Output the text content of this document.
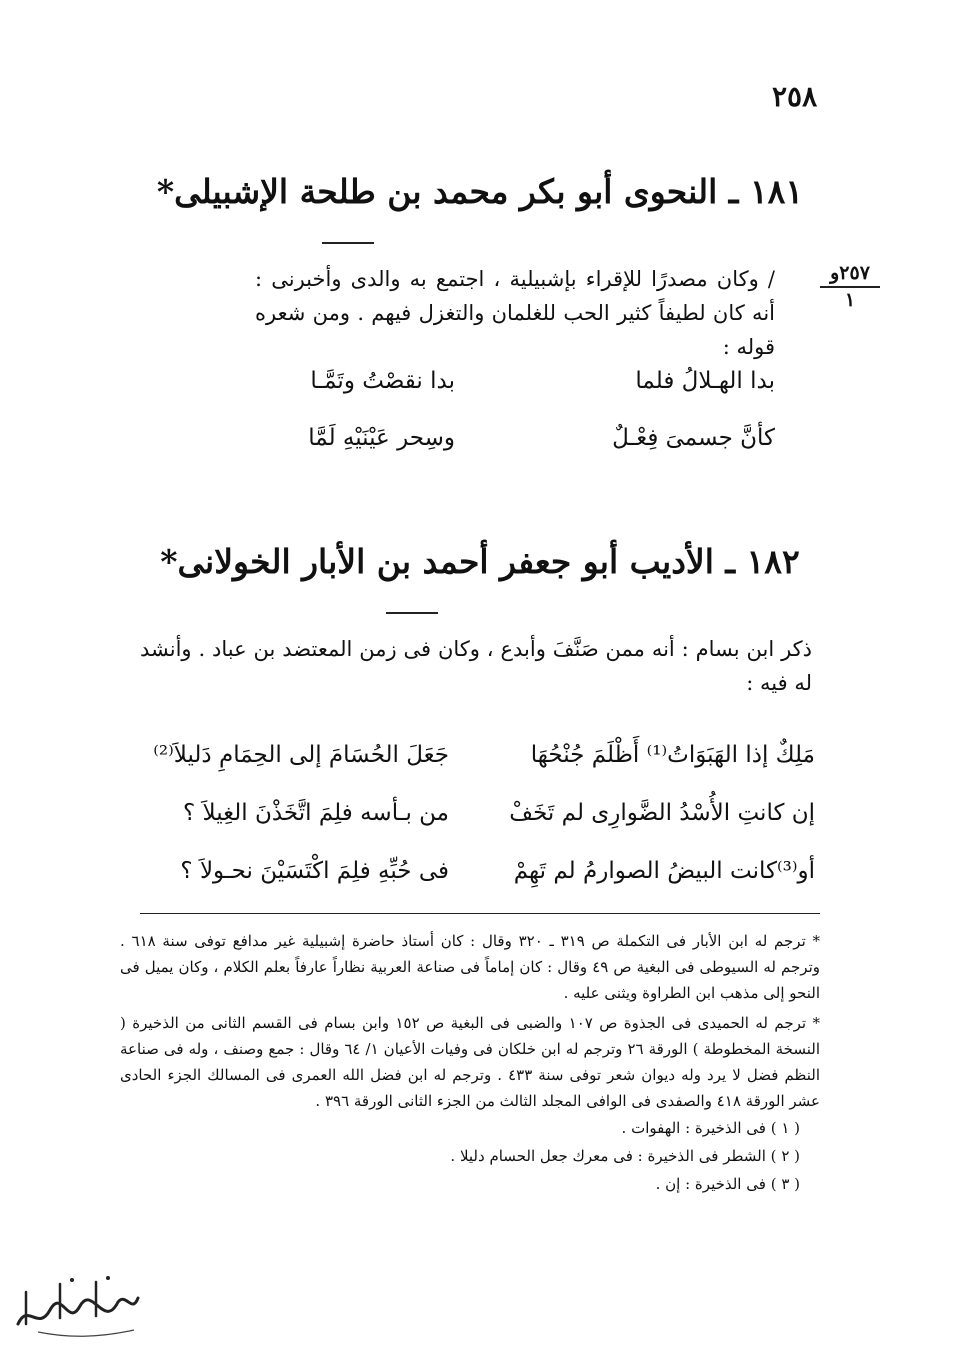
٢٥٨
١٨١ ـ النحوى أبو بكر محمد بن طلحة الإشبيلى*
٢٥٧و
١
/ وكان مصدرًا للإقراء بإشبيلية ، اجتمع به والدى وأخبرنى : أنه كان لطيفاً كثير الحب للغلمان والتغزل فيهم . ومن شعره قوله :
بدا الهـلالُ فلما
بدا نقصْتُ وتَمَّـا
كأنَّ جسمىَ فِعْـلٌ
وسِحر عَيْنَيْهِ لَمَّا
١٨٢ ـ الأديب أبو جعفر أحمد بن الأبار الخولانى*
ذكر ابن بسام : أنه ممن صَنَّفَ وأبدع ، وكان فى زمن المعتضد بن عباد . وأنشد له فيه :
مَلِكٌ إذا الهَبَوَاتُ⁽¹⁾ أَظْلَمَ جُنْحُهَا
جَعَلَ الحُسَامَ إلى الحِمَامِ دَليلاَ⁽²⁾
إن كانتِ الأُسْدُ الضَّوارِى لم تَخَفْ
من بـأسه فلِمَ اتَّخَذْنَ الغِيلاَ ؟
أو⁽³⁾كانت البيضُ الصوارمُ لم تَهِمْ
فى حُبِّهِ فلِمَ اكْتَسَيْنَ نحـولاَ ؟
* ترجم له ابن الأبار فى التكملة ص ٣١٩ ـ ٣٢٠ وقال : كان أستاذ حاضرة إشبيلية غير مدافع توفى سنة ٦١٨ . وترجم له السيوطى فى البغية ص ٤٩ وقال : كان إماماً فى صناعة العربية نظاراً عارفاً بعلم الكلام ، وكان يميل فى النحو إلى مذهب ابن الطراوة ويثنى عليه .
* ترجم له الحميدى فى الجذوة ص ١٠٧ والضبى فى البغية ص ١٥٢ وابن بسام فى القسم الثانى من الذخيرة ( النسخة المخطوطة ) الورقة ٢٦ وترجم له ابن خلكان فى وفيات الأعيان ١/ ٦٤ وقال : جمع وصنف ، وله فى صناعة النظم فضل لا يرد وله ديوان شعر توفى سنة ٤٣٣ . وترجم له ابن فضل الله العمرى فى المسالك الجزء الحادى عشر الورقة ٤١٨ والصفدى فى الوافى المجلد الثالث من الجزء الثانى الورقة ٣٩٦ .
( ١ ) فى الذخيرة : الهفوات .
( ٢ ) الشطر فى الذخيرة : فى معرك جعل الحسام دليلا .
( ٣ ) فى الذخيرة : إن .
